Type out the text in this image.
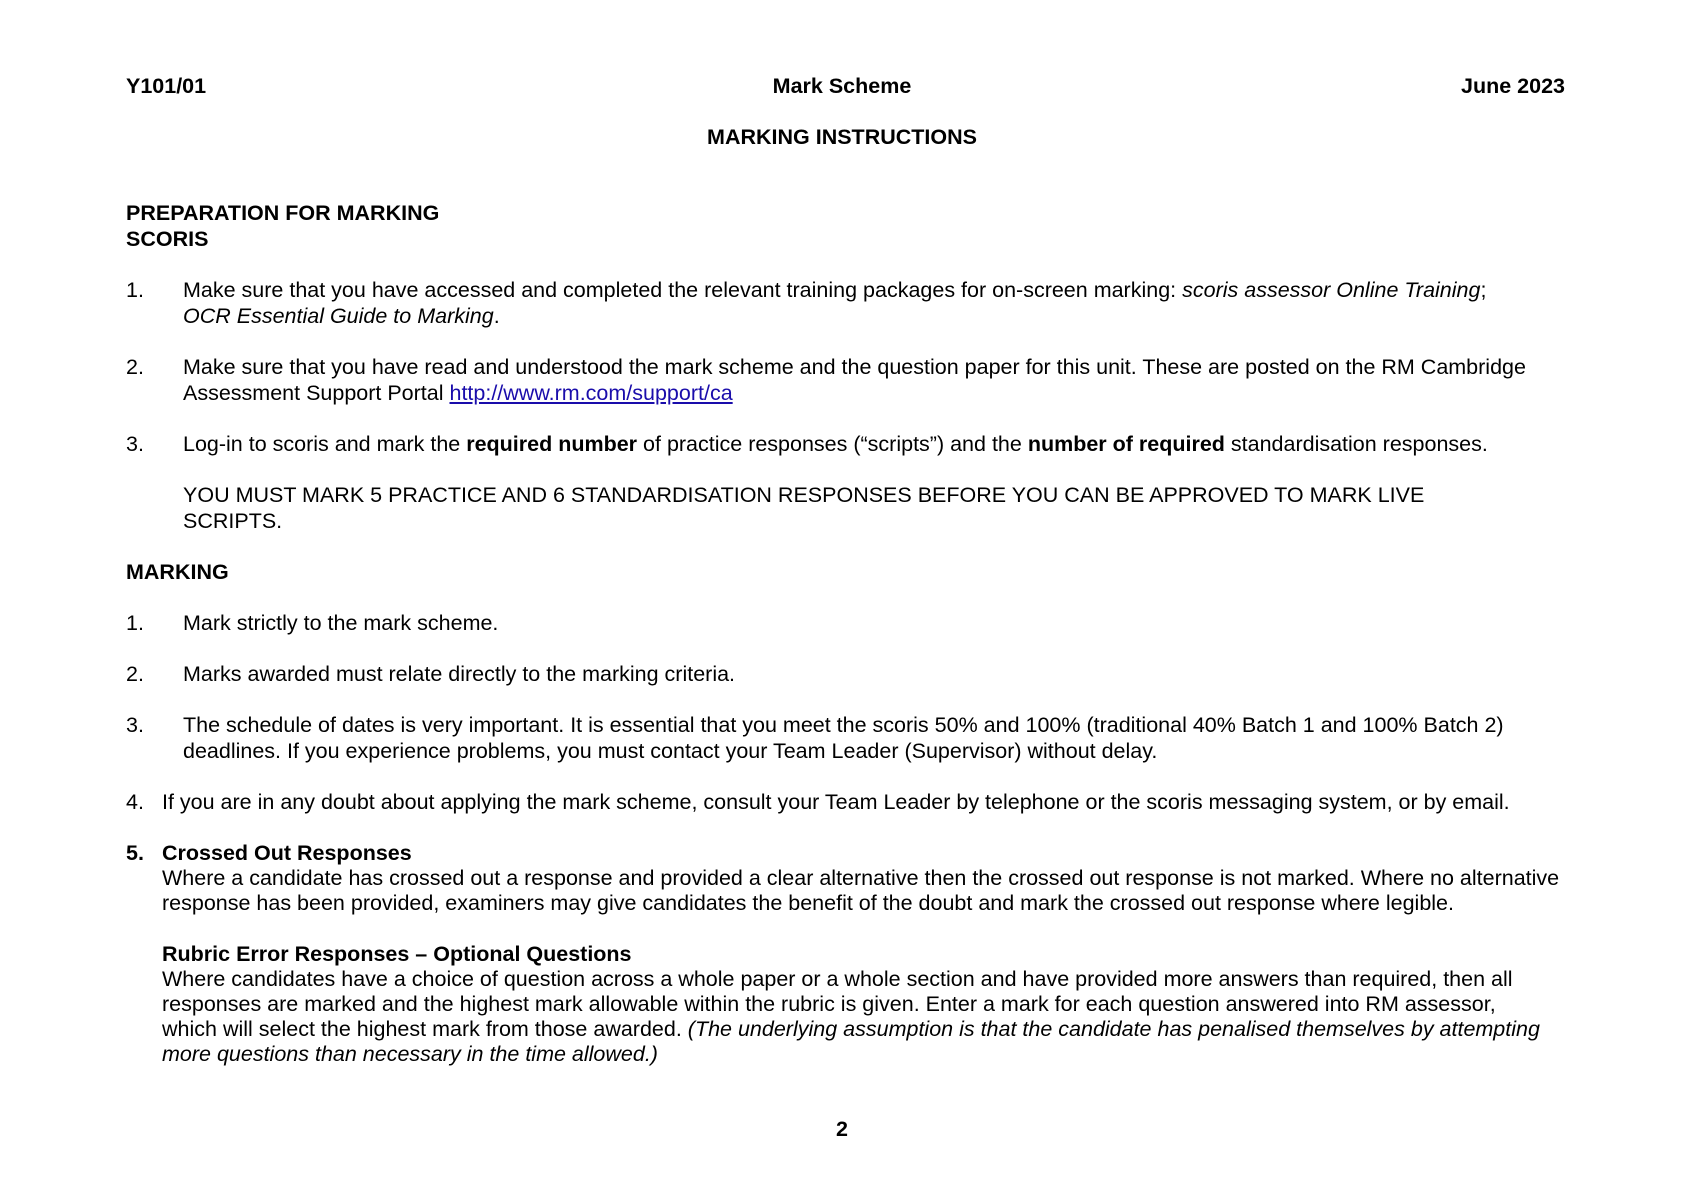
Y101/01	Mark Scheme	June 2023
MARKING INSTRUCTIONS
PREPARATION FOR MARKING
SCORIS
1. Make sure that you have accessed and completed the relevant training packages for on-screen marking: scoris assessor Online Training;
OCR Essential Guide to Marking.
2. Make sure that you have read and understood the mark scheme and the question paper for this unit. These are posted on the RM Cambridge
Assessment Support Portal http://www.rm.com/support/ca
3. Log-in to scoris and mark the required number of practice responses (“scripts”) and the number of required standardisation responses.
YOU MUST MARK 5 PRACTICE AND 6 STANDARDISATION RESPONSES BEFORE YOU CAN BE APPROVED TO MARK LIVE
SCRIPTS.
MARKING
1. Mark strictly to the mark scheme.
2. Marks awarded must relate directly to the marking criteria.
3. The schedule of dates is very important. It is essential that you meet the scoris 50% and 100% (traditional 40% Batch 1 and 100% Batch 2)
deadlines. If you experience problems, you must contact your Team Leader (Supervisor) without delay.
4. If you are in any doubt about applying the mark scheme, consult your Team Leader by telephone or the scoris messaging system, or by email.
5. Crossed Out Responses
Where a candidate has crossed out a response and provided a clear alternative then the crossed out response is not marked. Where no alternative
response has been provided, examiners may give candidates the benefit of the doubt and mark the crossed out response where legible.
Rubric Error Responses – Optional Questions
Where candidates have a choice of question across a whole paper or a whole section and have provided more answers than required, then all
responses are marked and the highest mark allowable within the rubric is given. Enter a mark for each question answered into RM assessor,
which will select the highest mark from those awarded. (The underlying assumption is that the candidate has penalised themselves by attempting
more questions than necessary in the time allowed.)
2
